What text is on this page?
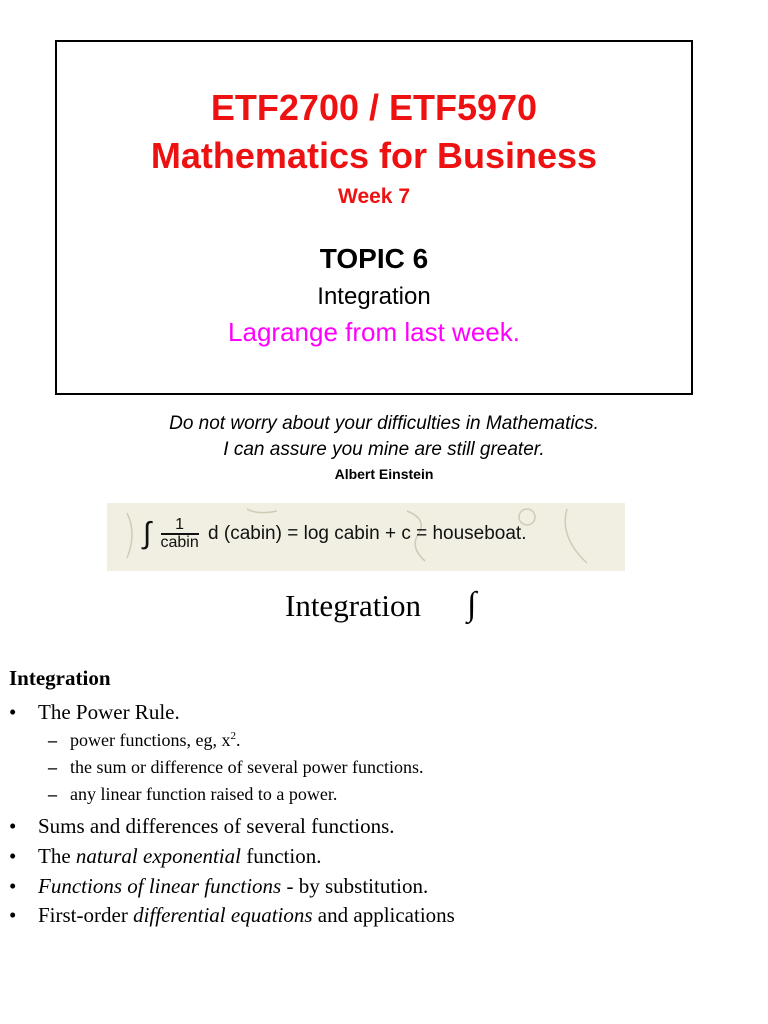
ETF2700 / ETF5970
Mathematics for Business
Week 7
TOPIC 6
Integration
Lagrange from last week.
Do not worry about your difficulties in Mathematics.
I can assure you mine are still greater.
Albert Einstein
∫	1
cabin d (cabin) = log cabin + c = houseboat.
Integration ∫
Integration
• The Power Rule.
– power functions, eg, $x^2$.
– the sum or difference of several power functions.
– any linear function raised to a power.
• Sums and differences of several functions.
• The natural exponential function.
• Functions of linear functions - by substitution.
• First-order differential equations and applications
